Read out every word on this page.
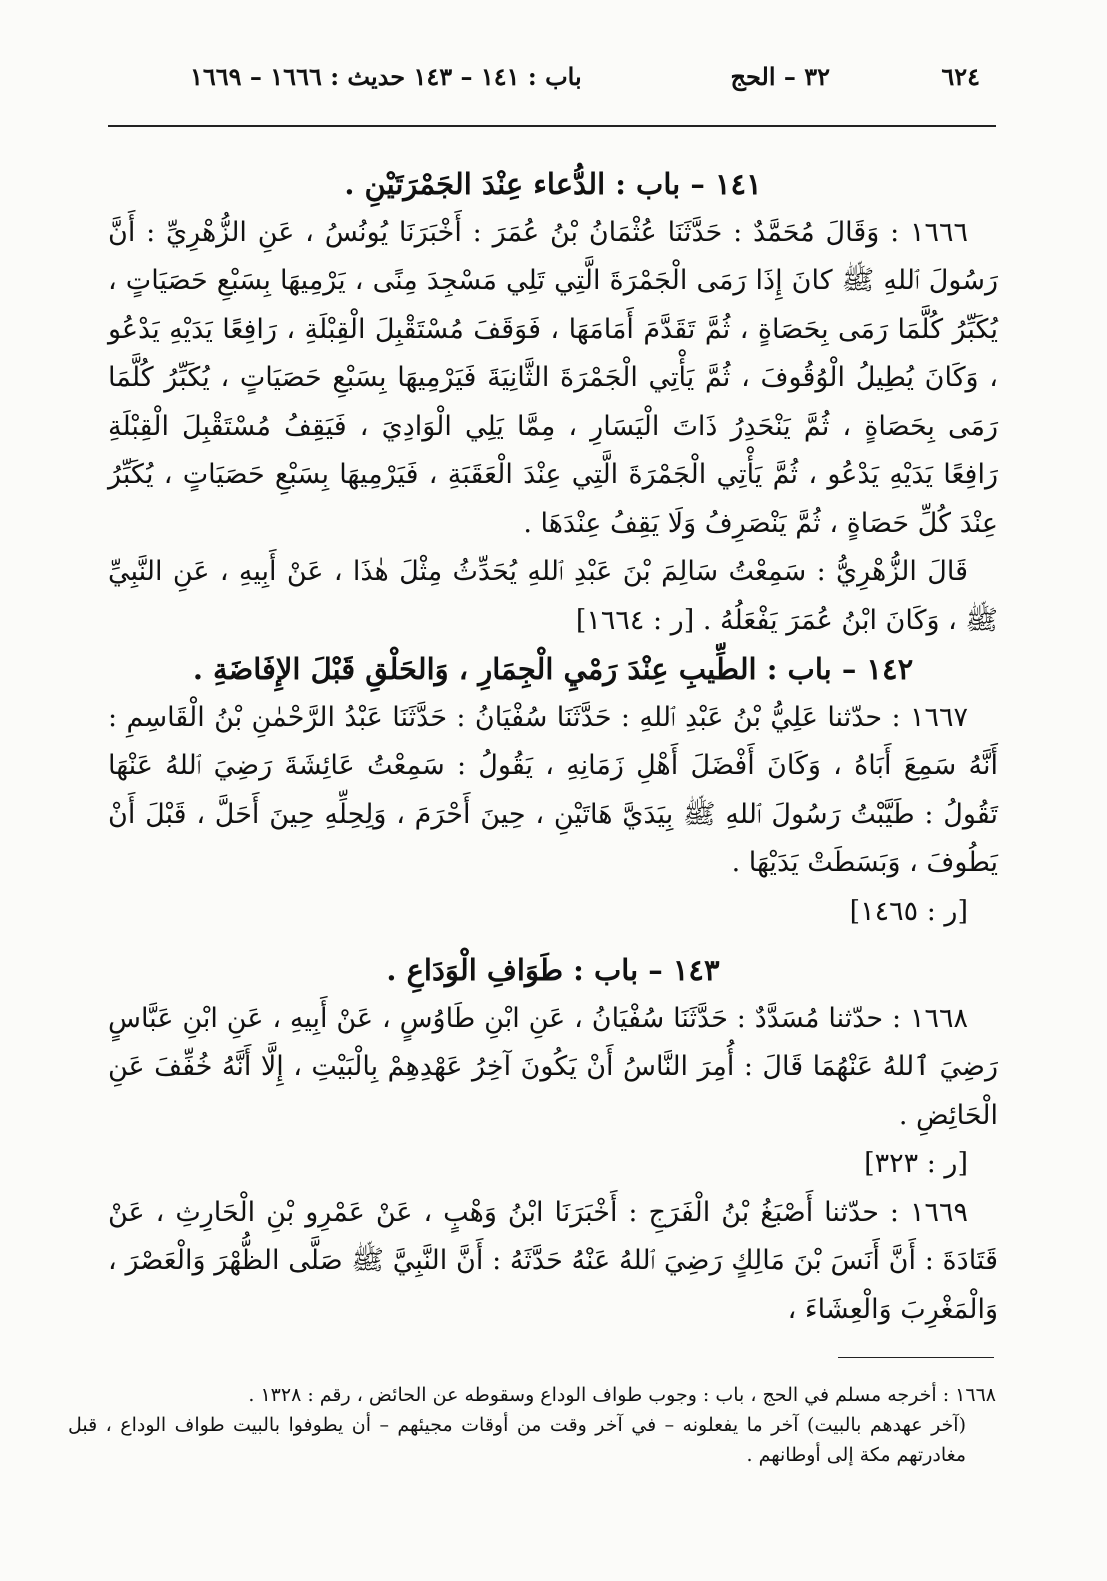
٦٢٤
٣٢ – الحج
باب : ١٤١ – ١٤٣ حديث : ١٦٦٦ – ١٦٦٩

١٤١ – باب : الدُّعاء عِنْدَ الجَمْرَتَيْنِ .

١٦٦٦ : وَقَالَ مُحَمَّدٌ : حَدَّثَنَا عُثْمَانُ بْنُ عُمَرَ : أَخْبَرَنَا يُونُسُ ، عَنِ الزُّهْرِيِّ : أَنَّ رَسُولَ ٱللهِ ﷺ كانَ إِذَا رَمَى الْجَمْرَةَ الَّتِي تَلِي مَسْجِدَ مِنًى ، يَرْمِيهَا بِسَبْعِ حَصَيَاتٍ ، يُكَبِّرُ كُلَّمَا رَمَى بِحَصَاةٍ ، ثُمَّ تَقَدَّمَ أَمَامَهَا ، فَوَقَفَ مُسْتَقْبِلَ الْقِبْلَةِ ، رَافِعًا يَدَيْهِ يَدْعُو ، وَكَانَ يُطِيلُ الْوُقُوفَ ، ثُمَّ يَأْتِي الْجَمْرَةَ الثَّانِيَةَ فَيَرْمِيهَا بِسَبْعِ حَصَيَاتٍ ، يُكَبِّرُ كُلَّمَا رَمَى بِحَصَاةٍ ، ثُمَّ يَنْحَدِرُ ذَاتَ الْيَسَارِ ، مِمَّا يَلِي الْوَادِيَ ، فَيَقِفُ مُسْتَقْبِلَ الْقِبْلَةِ رَافِعًا يَدَيْهِ يَدْعُو ، ثُمَّ يَأْتِي الْجَمْرَةَ الَّتِي عِنْدَ الْعَقَبَةِ ، فَيَرْمِيهَا بِسَبْعِ حَصَيَاتٍ ، يُكَبِّرُ عِنْدَ كُلِّ حَصَاةٍ ، ثُمَّ يَنْصَرِفُ وَلَا يَقِفُ عِنْدَهَا .

قَالَ الزُّهْرِيُّ : سَمِعْتُ سَالِمَ بْنَ عَبْدِ ٱللهِ يُحَدِّثُ مِثْلَ هٰذَا ، عَنْ أَبِيهِ ، عَنِ النَّبِيِّ ﷺ ، وَكَانَ ابْنُ عُمَرَ يَفْعَلُهُ . [ر : ١٦٦٤]

١٤٢ – باب : الطِّيبِ عِنْدَ رَمْيِ الْجِمَارِ ، وَالحَلْقِ قَبْلَ الإِفَاضَةِ .

١٦٦٧ : حدّثنا عَلِيُّ بْنُ عَبْدِ ٱللهِ : حَدَّثَنَا سُفْيَانُ : حَدَّثَنَا عَبْدُ الرَّحْمٰنِ بْنُ الْقَاسِمِ : أَنَّهُ سَمِعَ أَبَاهُ ، وَكَانَ أَفْضَلَ أَهْلِ زَمَانِهِ ، يَقُولُ : سَمِعْتُ عَائِشَةَ رَضِيَ ٱللهُ عَنْهَا تَقُولُ : طَيَّبْتُ رَسُولَ ٱللهِ ﷺ بِيَدَيَّ هَاتَيْنِ ، حِينَ أَحْرَمَ ، وَلِحِلِّهِ حِينَ أَحَلَّ ، قَبْلَ أَنْ يَطُوفَ ، وَبَسَطَتْ يَدَيْهَا .

[ر : ١٤٦٥]

١٤٣ – باب : طَوَافِ الْوَدَاعِ .

١٦٦٨ : حدّثنا مُسَدَّدٌ : حَدَّثَنَا سُفْيَانُ ، عَنِ ابْنِ طَاوُسٍ ، عَنْ أَبِيهِ ، عَنِ ابْنِ عَبَّاسٍ رَضِيَ ٱللهُ عَنْهُمَا قَالَ : أُمِرَ النَّاسُ أَنْ يَكُونَ آخِرُ عَهْدِهِمْ بِالْبَيْتِ ، إِلَّا أَنَّهُ خُفِّفَ عَنِ الْحَائِضِ .

[ر : ٣٢٣]

١٦٦٩ : حدّثنا أَصْبَغُ بْنُ الْفَرَجِ : أَخْبَرَنَا ابْنُ وَهْبٍ ، عَنْ عَمْرِو بْنِ الْحَارِثِ ، عَنْ قَتَادَةَ : أَنَّ أَنَسَ بْنَ مَالِكٍ رَضِيَ ٱللهُ عَنْهُ حَدَّثَهُ : أَنَّ النَّبِيَّ ﷺ صَلَّى الظُّهْرَ وَالْعَصْرَ ، وَالْمَغْرِبَ وَالْعِشَاءَ ،

١٦٦٨ : أخرجه مسلم في الحج ، باب : وجوب طواف الوداع وسقوطه عن الحائض ، رقم : ١٣٢٨ .

(آخر عهدهم بالبيت) آخر ما يفعلونه – في آخر وقت من أوقات مجيئهم – أن يطوفوا بالبيت طواف الوداع ، قبل مغادرتهم مكة إلى أوطانهم .
